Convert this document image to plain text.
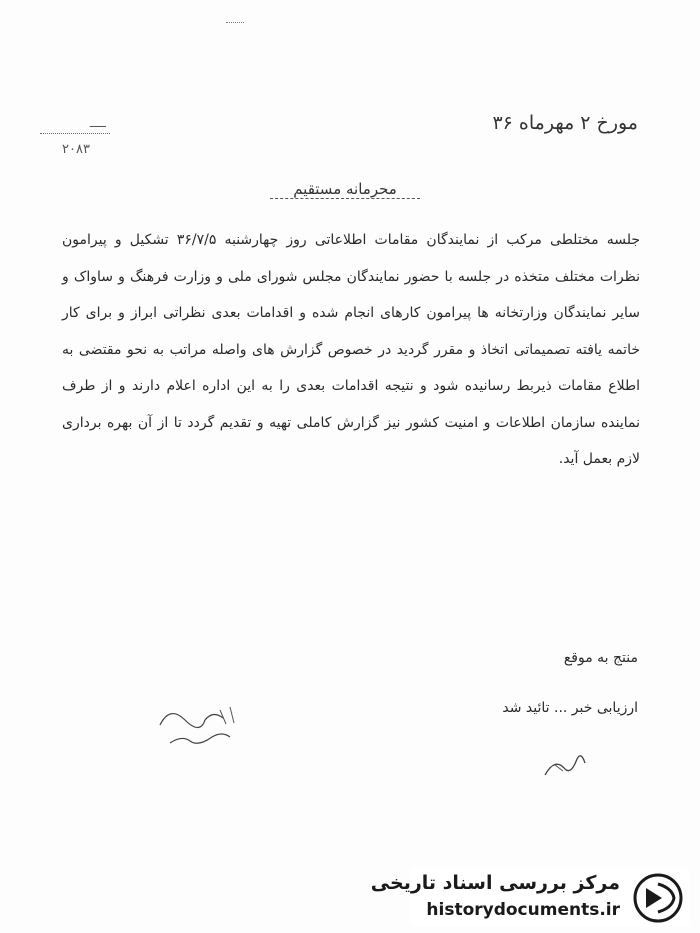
ـــــ
۲۰۸۳
مورخ ۲ مهرماه ۳۶
محرمانه مستقیم

جلسه مختلطی مرکب از نمایندگان مقامات اطلاعاتی روز چهارشنبه ۳۶/۷/۵ تشکیل و پیرامون نظرات مختلف متخذه در جلسه با حضور نمایندگان مجلس شورای ملی و وزارت فرهنگ و ساواک و سایر نمایندگان وزارتخانه ها پیرامون کارهای انجام شده و اقدامات بعدی نظراتی ابراز و برای کار خاتمه یافته تصمیماتی اتخاذ و مقرر گردید در خصوص گزارش های واصله مراتب به نحو مقتضی به اطلاع مقامات ذیربط رسانیده شود و نتیجه اقدامات بعدی را به این اداره اعلام دارند و از طرف نماینده سازمان اطلاعات و امنیت کشور نیز گزارش کاملی تهیه و تقدیم گردد تا از آن بهره برداری لازم بعمل آید.

منتج به موقع
ارزیابی خبر ... تائید شد
مرکز بررسی اسناد تاریخی
historydocuments.ir
